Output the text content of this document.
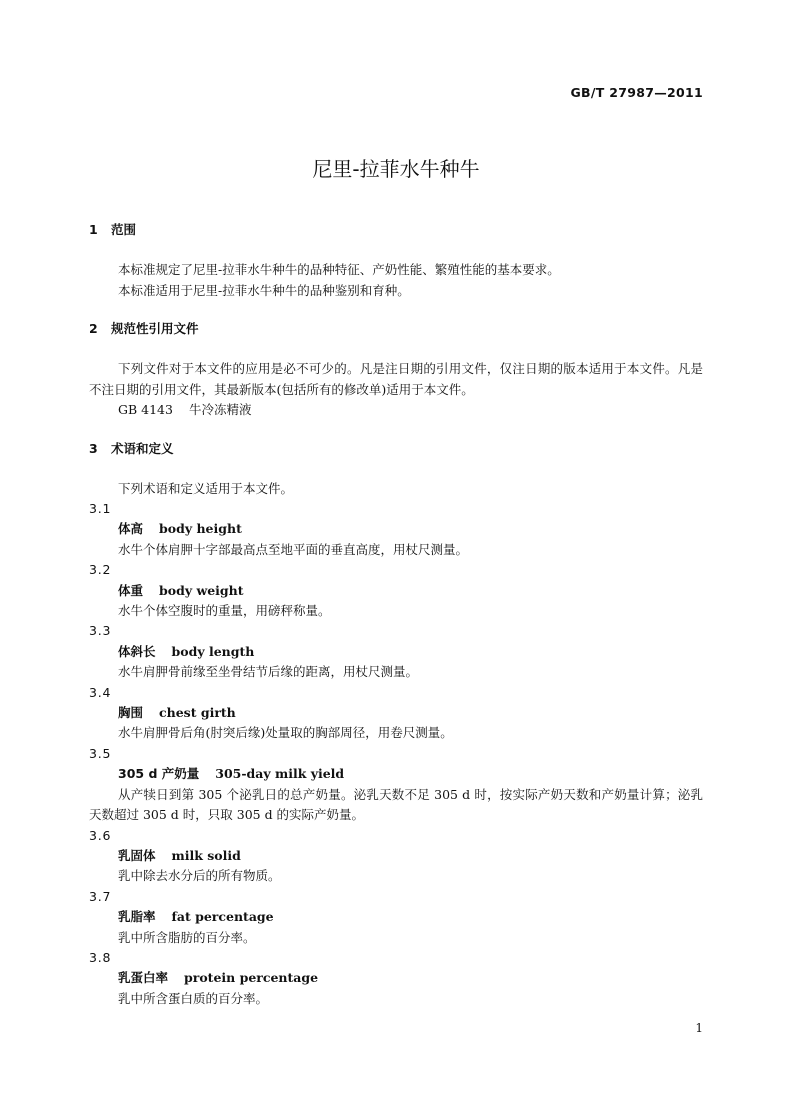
GB/T 27987—2011
尼里-拉菲水牛种牛
1 范围
本标准规定了尼里-拉菲水牛种牛的品种特征、产奶性能、繁殖性能的基本要求。
本标准适用于尼里-拉菲水牛种牛的品种鉴别和育种。
2 规范性引用文件
下列文件对于本文件的应用是必不可少的。凡是注日期的引用文件，仅注日期的版本适用于本文件。凡是不注日期的引用文件，其最新版本(包括所有的修改单)适用于本文件。
GB 4143 牛冷冻精液
3 术语和定义
下列术语和定义适用于本文件。
3.1
体高 body height
水牛个体肩胛十字部最高点至地平面的垂直高度，用杖尺测量。
3.2
体重 body weight
水牛个体空腹时的重量，用磅秤称量。
3.3
体斜长 body length
水牛肩胛骨前缘至坐骨结节后缘的距离，用杖尺测量。
3.4
胸围 chest girth
水牛肩胛骨后角(肘突后缘)处量取的胸部周径，用卷尺测量。
3.5
305 d 产奶量 305-day milk yield
从产犊日到第 305 个泌乳日的总产奶量。泌乳天数不足 305 d 时，按实际产奶天数和产奶量计算；泌乳天数超过 305 d 时，只取 305 d 的实际产奶量。
3.6
乳固体 milk solid
乳中除去水分后的所有物质。
3.7
乳脂率 fat percentage
乳中所含脂肪的百分率。
3.8
乳蛋白率 protein percentage
乳中所含蛋白质的百分率。
1
